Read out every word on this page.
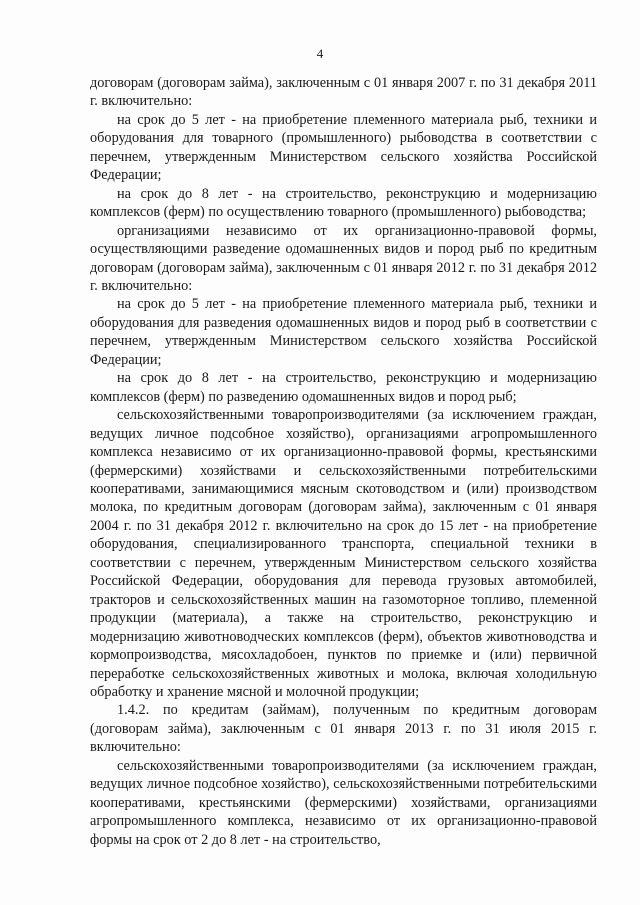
4

договорам (договорам займа), заключенным с 01 января 2007 г. по 31 декабря 2011 г. включительно:

на срок до 5 лет - на приобретение племенного материала рыб, техники и оборудования для товарного (промышленного) рыбоводства в соответствии с перечнем, утвержденным Министерством сельского хозяйства Российской Федерации;

на срок до 8 лет - на строительство, реконструкцию и модернизацию комплексов (ферм) по осуществлению товарного (промышленного) рыбоводства;

организациями независимо от их организационно-правовой формы, осуществляющими разведение одомашненных видов и пород рыб по кредитным договорам (договорам займа), заключенным с 01 января 2012 г. по 31 декабря 2012 г. включительно:

на срок до 5 лет - на приобретение племенного материала рыб, техники и оборудования для разведения одомашненных видов и пород рыб в соответствии с перечнем, утвержденным Министерством сельского хозяйства Российской Федерации;

на срок до 8 лет - на строительство, реконструкцию и модернизацию комплексов (ферм) по разведению одомашненных видов и пород рыб;

сельскохозяйственными товаропроизводителями (за исключением граждан, ведущих личное подсобное хозяйство), организациями агропромышленного комплекса независимо от их организационно-правовой формы, крестьянскими (фермерскими) хозяйствами и сельскохозяйственными потребительскими кооперативами, занимающимися мясным скотоводством и (или) производством молока, по кредитным договорам (договорам займа), заключенным с 01 января 2004 г. по 31 декабря 2012 г. включительно на срок до 15 лет - на приобретение оборудования, специализированного транспорта, специальной техники в соответствии с перечнем, утвержденным Министерством сельского хозяйства Российской Федерации, оборудования для перевода грузовых автомобилей, тракторов и сельскохозяйственных машин на газомоторное топливо, племенной продукции (материала), а также на строительство, реконструкцию и модернизацию животноводческих комплексов (ферм), объектов животноводства и кормопроизводства, мясохладобоен, пунктов по приемке и (или) первичной переработке сельскохозяйственных животных и молока, включая холодильную обработку и хранение мясной и молочной продукции;

1.4.2. по кредитам (займам), полученным по кредитным договорам (договорам займа), заключенным с 01 января 2013 г. по 31 июля 2015 г. включительно:

сельскохозяйственными товаропроизводителями (за исключением граждан, ведущих личное подсобное хозяйство), сельскохозяйственными потребительскими кооперативами, крестьянскими (фермерскими) хозяйствами, организациями агропромышленного комплекса, независимо от их организационно-правовой формы на срок от 2 до 8 лет - на строительство,
